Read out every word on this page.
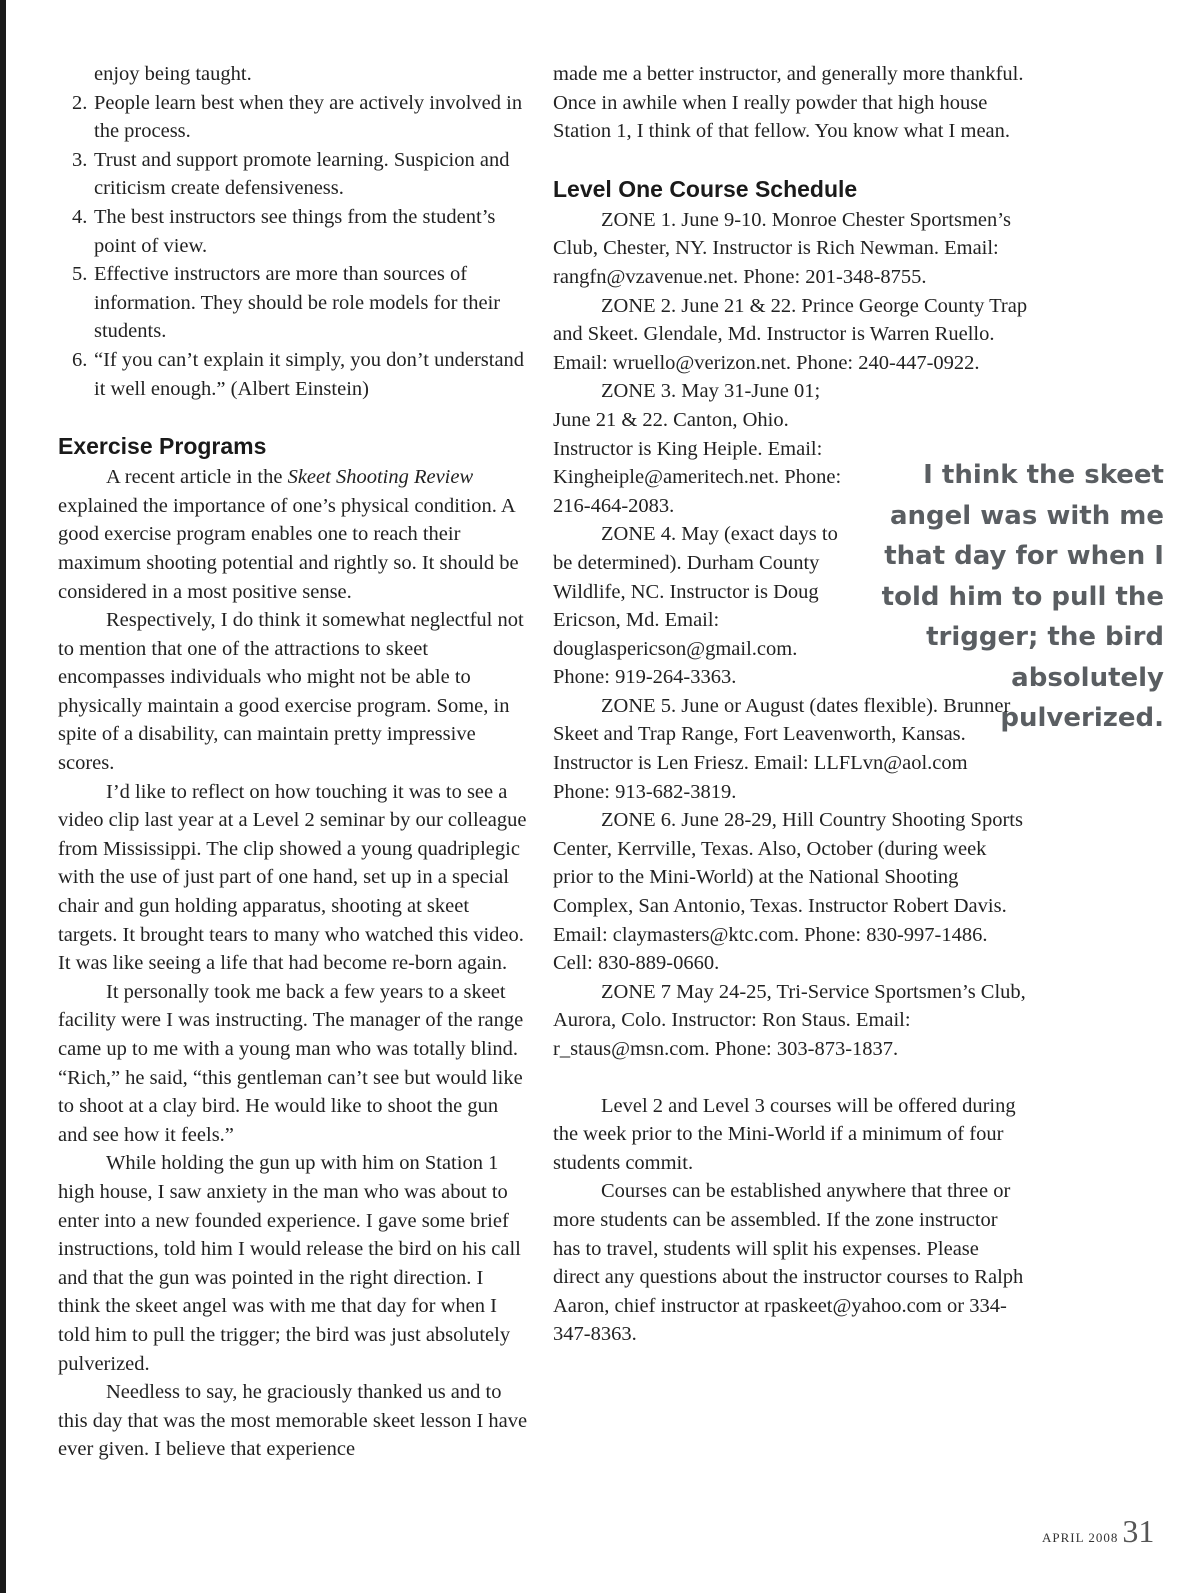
enjoy being taught.

2. People learn best when they are actively involved in the process.
3. Trust and support promote learning. Suspicion and criticism create defensiveness.
4. The best instructors see things from the student’s point of view.
5. Effective instructors are more than sources of information. They should be role models for their students.
6. “If you can’t explain it simply, you don’t understand it well enough.” (Albert Einstein)
Exercise Programs

A recent article in the Skeet Shooting Review explained the importance of one’s physical condition. A good exercise program enables one to reach their maximum shooting potential and rightly so. It should be considered in a most positive sense.

Respectively, I do think it somewhat neglectful not to mention that one of the attractions to skeet encompasses individuals who might not be able to physically maintain a good exercise program. Some, in spite of a disability, can maintain pretty impressive scores.

I’d like to reflect on how touching it was to see a video clip last year at a Level 2 seminar by our colleague from Mississippi. The clip showed a young quadriplegic with the use of just part of one hand, set up in a special chair and gun holding apparatus, shooting at skeet targets. It brought tears to many who watched this video. It was like seeing a life that had become re-born again.

It personally took me back a few years to a skeet facility were I was instructing. The manager of the range came up to me with a young man who was totally blind. “Rich,” he said, “this gentleman can’t see but would like to shoot at a clay bird. He would like to shoot the gun and see how it feels.”

While holding the gun up with him on Station 1 high house, I saw anxiety in the man who was about to enter into a new founded experience. I gave some brief instructions, told him I would release the bird on his call and that the gun was pointed in the right direction. I think the skeet angel was with me that day for when I told him to pull the trigger; the bird was just absolutely pulverized.

Needless to say, he graciously thanked us and to this day that was the most memorable skeet lesson I have ever given. I believe that experience

made me a better instructor, and generally more thankful. Once in awhile when I really powder that high house Station 1, I think of that fellow. You know what I mean.

Level One Course Schedule

ZONE 1. June 9-10. Monroe Chester Sportsmen’s Club, Chester, NY. Instructor is Rich Newman. Email: rangfn@vzavenue.net. Phone: 201-348-8755.

ZONE 2. June 21 & 22. Prince George County Trap and Skeet. Glendale, Md. Instructor is Warren Ruello. Email: wruello@verizon.net. Phone: 240-447-0922.

ZONE 3. May 31-June 01; June 21 & 22. Canton, Ohio. Instructor is King Heiple. Email: Kingheiple@ameritech.net. Phone: 216-464-2083.

ZONE 4. May (exact days to be determined). Durham County Wildlife, NC. Instructor is Doug Ericson, Md. Email: douglaspericson@gmail.com. Phone: 919-264-3363.

ZONE 5. June or August (dates flexible). Brunner Skeet and Trap Range, Fort Leavenworth, Kansas. Instructor is Len Friesz. Email: LLFLvn@aol.com Phone: 913-682-3819.

ZONE 6. June 28-29, Hill Country Shooting Sports Center, Kerrville, Texas. Also, October (during week prior to the Mini-World) at the National Shooting Complex, San Antonio, Texas. Instructor Robert Davis. Email: claymasters@ktc.com. Phone: 830-997-1486. Cell: 830-889-0660.

ZONE 7 May 24-25, Tri-Service Sportsmen’s Club, Aurora, Colo. Instructor: Ron Staus. Email: r_staus@msn.com. Phone: 303-873-1837.

Level 2 and Level 3 courses will be offered during the week prior to the Mini-World if a minimum of four students commit.

Courses can be established anywhere that three or more students can be assembled. If the zone instructor has to travel, students will split his expenses. Please direct any questions about the instructor courses to Ralph Aaron, chief instructor at rpaskeet@yahoo.com or 334-347-8363.

I think the skeet angel was with me that day for when I told him to pull the trigger; the bird absolutely pulverized.
APRIL 2008 31
